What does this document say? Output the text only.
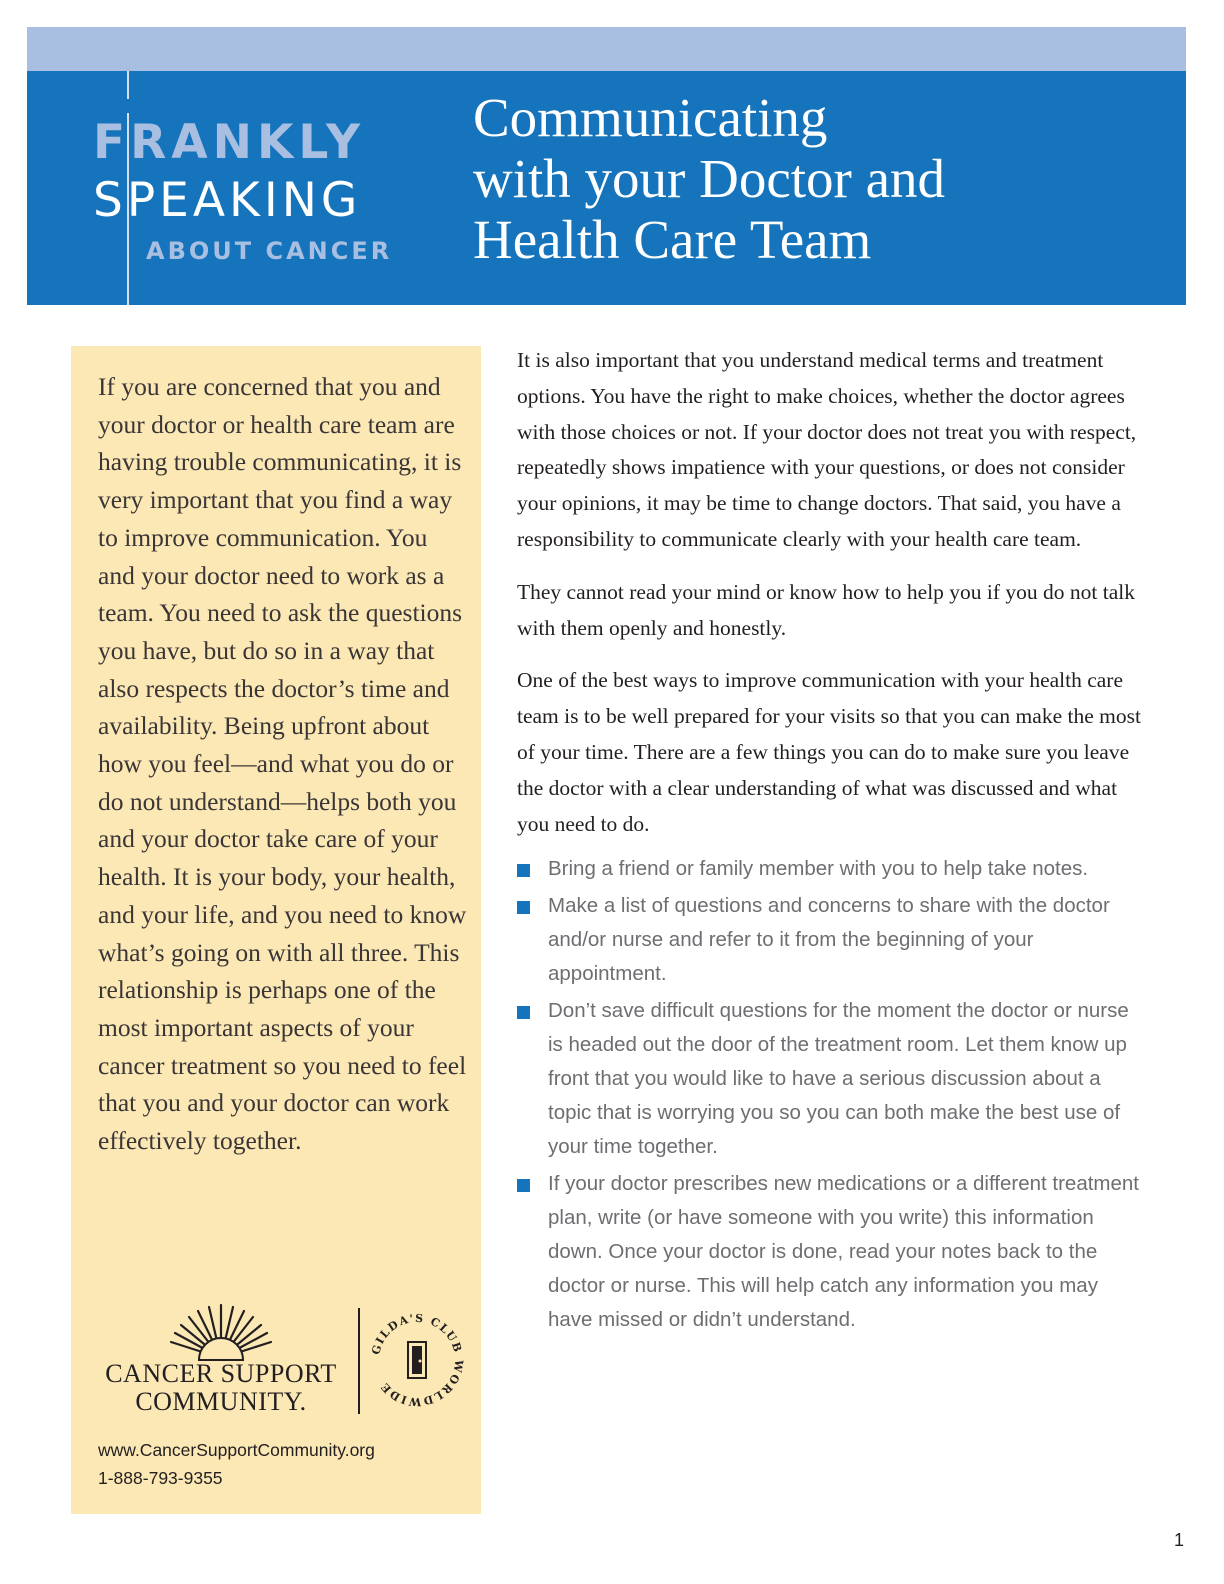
FRANKLY
SPEAKING
ABOUT CANCER
Communicating
with your Doctor and
Health Care Team

If you are concerned that you and your doctor or health care team are having trouble communicating, it is very important that you find a way to improve communication. You and your doctor need to work as a team. You need to ask the questions you have, but do so in a way that also respects the doctor’s time and availability. Being upfront about how you feel—and what you do or do not understand—helps both you and your doctor take care of your health. It is your body, your health, and your life, and you need to know what’s going on with all three. This relationship is perhaps one of the most important aspects of your cancer treatment so you need to feel that you and your doctor can work effectively together.

CANCER SUPPORT
COMMUNITY.
GILDA'S CLUB WORLDWIDE
www.CancerSupportCommunity.org
1-888-793-9355

It is also important that you understand medical terms and treatment options. You have the right to make choices, whether the doctor agrees with those choices or not. If your doctor does not treat you with respect, repeatedly shows impatience with your questions, or does not consider your opinions, it may be time to change doctors. That said, you have a responsibility to communicate clearly with your health care team.

They cannot read your mind or know how to help you if you do not talk with them openly and honestly.

One of the best ways to improve communication with your health care team is to be well prepared for your visits so that you can make the most of your time. There are a few things you can do to make sure you leave the doctor with a clear understanding of what was discussed and what you need to do.

Bring a friend or family member with you to help take notes.
Make a list of questions and concerns to share with the doctor and/or nurse and refer to it from the beginning of your appointment.
Don’t save difficult questions for the moment the doctor or nurse is headed out the door of the treatment room. Let them know up front that you would like to have a serious discussion about a topic that is worrying you so you can both make the best use of your time together.
If your doctor prescribes new medications or a different treatment plan, write (or have someone with you write) this information down. Once your doctor is done, read your notes back to the doctor or nurse. This will help catch any information you may have missed or didn’t understand.
1
